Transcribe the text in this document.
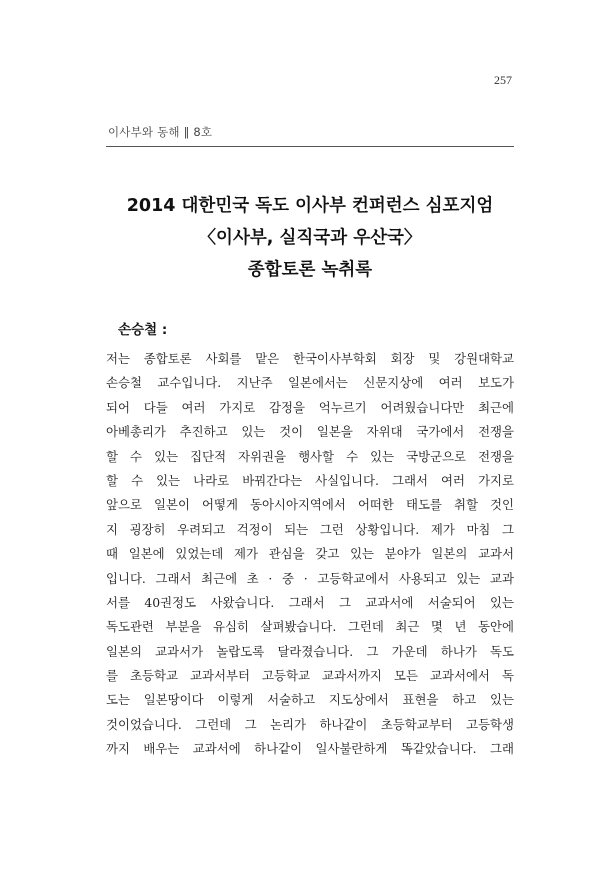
257
이사부와 동해 ‖ 8호
2014 대한민국 독도 이사부 컨퍼런스 심포지엄
〈이사부, 실직국과 우산국〉
종합토론 녹취록
손승철 :
저는 종합토론 사회를 맡은 한국이사부학회 회장 및 강원대학교
손승철 교수입니다. 지난주 일본에서는 신문지상에 여러 보도가
되어 다들 여러 가지로 감정을 억누르기 어려웠습니다만 최근에
아베총리가 추진하고 있는 것이 일본을 자위대 국가에서 전쟁을
할 수 있는 집단적 자위권을 행사할 수 있는 국방군으로 전쟁을
할 수 있는 나라로 바꿔간다는 사실입니다. 그래서 여러 가지로
앞으로 일본이 어떻게 동아시아지역에서 어떠한 태도를 취할 것인
지 굉장히 우려되고 걱정이 되는 그런 상황입니다. 제가 마침 그
때 일본에 있었는데 제가 관심을 갖고 있는 분야가 일본의 교과서
입니다. 그래서 최근에 초 · 중 · 고등학교에서 사용되고 있는 교과
서를 40권정도 사왔습니다. 그래서 그 교과서에 서술되어 있는
독도관련 부분을 유심히 살펴봤습니다. 그런데 최근 몇 년 동안에
일본의 교과서가 놀랍도록 달라졌습니다. 그 가운데 하나가 독도
를 초등학교 교과서부터 고등학교 교과서까지 모든 교과서에서 독
도는 일본땅이다 이렇게 서술하고 지도상에서 표현을 하고 있는
것이었습니다. 그런데 그 논리가 하나같이 초등학교부터 고등학생
까지 배우는 교과서에 하나같이 일사불란하게 똑같았습니다. 그래
